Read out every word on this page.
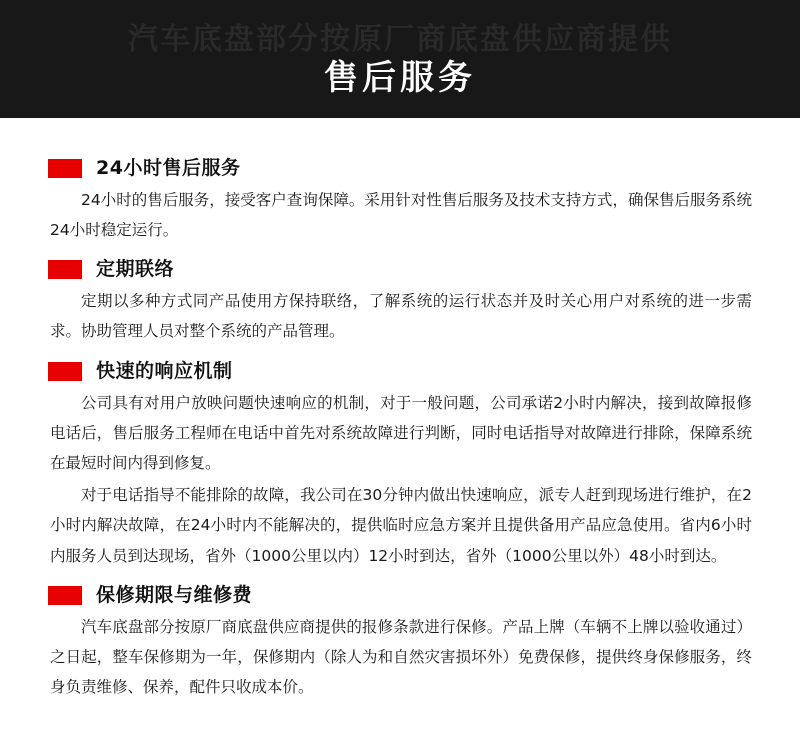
汽车底盘部分按原厂商底盘供应商提供
售后服务
24小时售后服务

24小时的售后服务，接受客户查询保障。采用针对性售后服务及技术支持方式，确保售后服务系统24小时稳定运行。

定期联络

定期以多种方式同产品使用方保持联络，了解系统的运行状态并及时关心用户对系统的进一步需求。协助管理人员对整个系统的产品管理。

快速的响应机制

公司具有对用户放映问题快速响应的机制，对于一般问题，公司承诺2小时内解决，接到故障报修电话后，售后服务工程师在电话中首先对系统故障进行判断，同时电话指导对故障进行排除，保障系统在最短时间内得到修复。

对于电话指导不能排除的故障，我公司在30分钟内做出快速响应，派专人赶到现场进行维护，在2小时内解决故障，在24小时内不能解决的，提供临时应急方案并且提供备用产品应急使用。省内6小时内服务人员到达现场，省外（1000公里以内）12小时到达，省外（1000公里以外）48小时到达。

保修期限与维修费

汽车底盘部分按原厂商底盘供应商提供的报修条款进行保修。产品上牌（车辆不上牌以验收通过）之日起，整车保修期为一年，保修期内（除人为和自然灾害损坏外）免费保修，提供终身保修服务，终身负责维修、保养，配件只收成本价。
